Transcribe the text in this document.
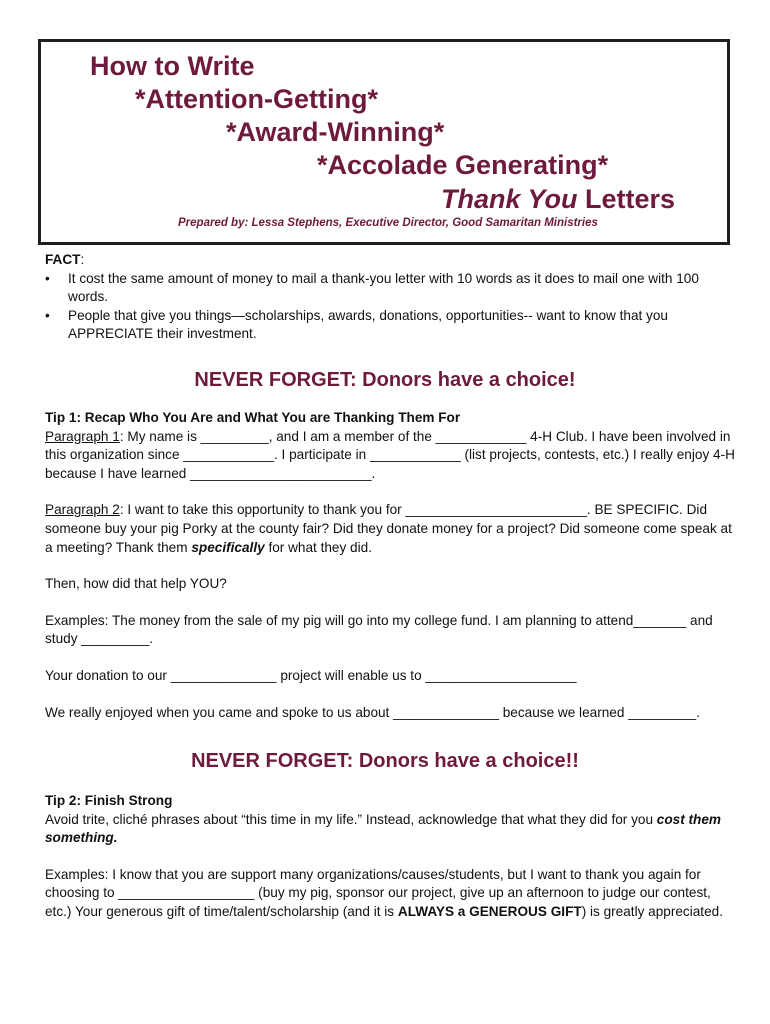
How to Write
*Attention-Getting*
*Award-Winning*
*Accolade Generating*
Thank You Letters
Prepared by: Lessa Stephens, Executive Director, Good Samaritan Ministries

FACT:

• It cost the same amount of money to mail a thank-you letter with 10 words as it does to mail one with 100 words.
• People that give you things—scholarships, awards, donations, opportunities-- want to know that you APPRECIATE their investment.
NEVER FORGET: Donors have a choice!

Tip 1: Recap Who You Are and What You are Thanking Them For

Paragraph 1: My name is _________, and I am a member of the ____________ 4-H Club. I have been involved in this organization since ____________. I participate in ____________ (list projects, contests, etc.) I really enjoy 4-H because I have learned ________________________.

Paragraph 2: I want to take this opportunity to thank you for ________________________. BE SPECIFIC. Did someone buy your pig Porky at the county fair? Did they donate money for a project? Did someone come speak at a meeting? Thank them specifically for what they did.

Then, how did that help YOU?

Examples: The money from the sale of my pig will go into my college fund. I am planning to attend_______ and study _________.

Your donation to our ______________ project will enable us to ____________________

We really enjoyed when you came and spoke to us about ______________ because we learned _________.

NEVER FORGET: Donors have a choice!!

Tip 2: Finish Strong

Avoid trite, cliché phrases about “this time in my life.” Instead, acknowledge that what they did for you cost them something.

Examples: I know that you are support many organizations/causes/students, but I want to thank you again for choosing to __________________ (buy my pig, sponsor our project, give up an afternoon to judge our contest, etc.) Your generous gift of time/talent/scholarship (and it is ALWAYS a GENEROUS GIFT) is greatly appreciated.
